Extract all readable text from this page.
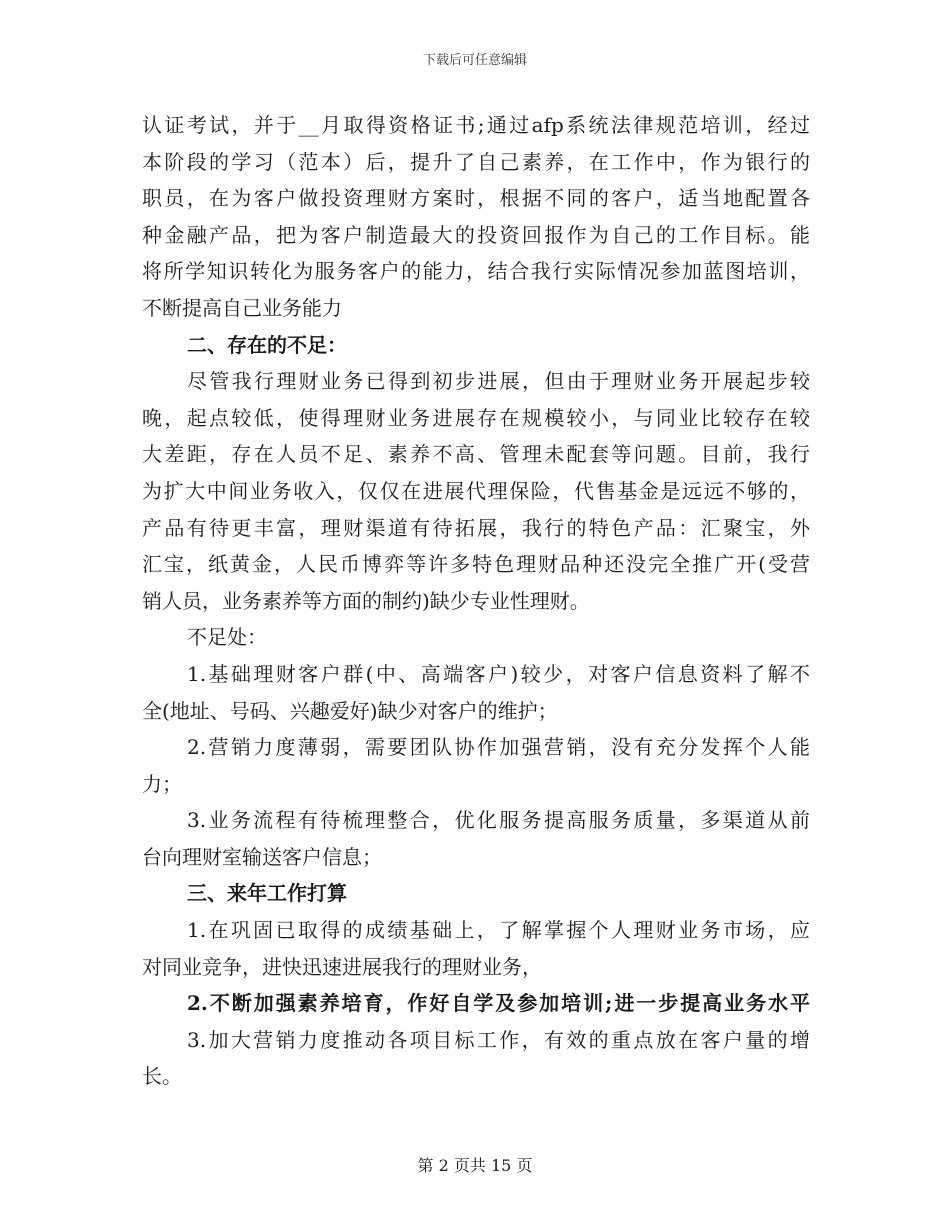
下载后可任意编辑
认证考试，并于__月取得资格证书;通过afp系统法律规范培训，经过
本阶段的学习（范本）后，提升了自己素养，在工作中，作为银行的
职员，在为客户做投资理财方案时，根据不同的客户，适当地配置各
种金融产品，把为客户制造最大的投资回报作为自己的工作目标。能
将所学知识转化为服务客户的能力，结合我行实际情况参加蓝图培训，
不断提高自己业务能力
二、存在的不足：
尽管我行理财业务已得到初步进展，但由于理财业务开展起步较
晚，起点较低，使得理财业务进展存在规模较小，与同业比较存在较
大差距，存在人员不足、素养不高、管理未配套等问题。目前，我行
为扩大中间业务收入，仅仅在进展代理保险，代售基金是远远不够的，
产品有待更丰富，理财渠道有待拓展，我行的特色产品：汇聚宝，外
汇宝，纸黄金，人民币博弈等许多特色理财品种还没完全推广开(受营
销人员，业务素养等方面的制约)缺少专业性理财。
不足处：
1.基础理财客户群(中、高端客户)较少，对客户信息资料了解不
全(地址、号码、兴趣爱好)缺少对客户的维护；
2.营销力度薄弱，需要团队协作加强营销，没有充分发挥个人能
力；
3.业务流程有待梳理整合，优化服务提高服务质量，多渠道从前
台向理财室输送客户信息；
三、来年工作打算
1.在巩固已取得的成绩基础上，了解掌握个人理财业务市场，应
对同业竞争，进快迅速进展我行的理财业务，
2.不断加强素养培育，作好自学及参加培训;进一步提高业务水平
3.加大营销力度推动各项目标工作，有效的重点放在客户量的增
长。
第 2 页共 15 页
